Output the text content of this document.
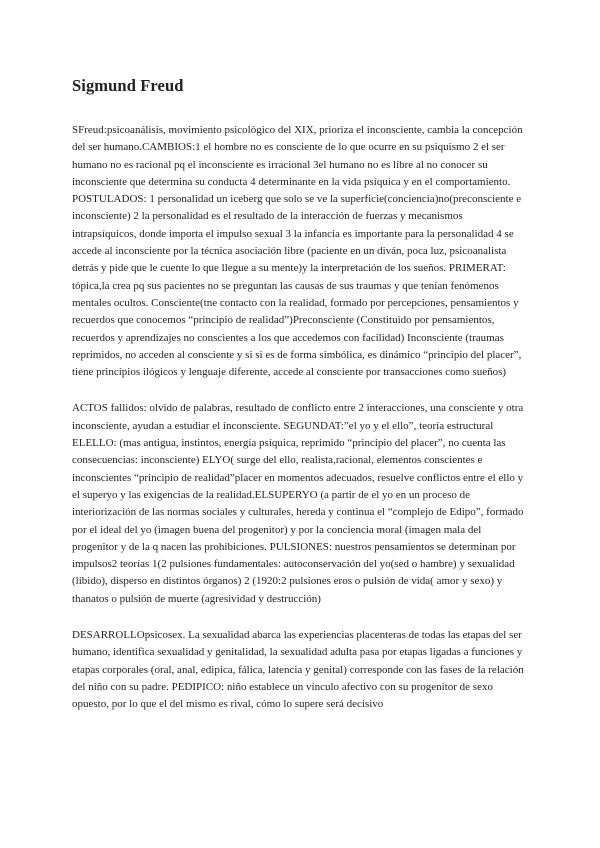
Sigmund Freud

SFreud:psicoanálisis, movimiento psicológico del XIX, prioriza el inconsciente, cambia la concepción del ser humano.CAMBIOS:1 el hombre no es consciente de lo que ocurre en su psiquismo 2 el ser humano no es racional pq el inconsciente es irracional 3el humano no es libre al no conocer su inconsciente que determina su conducta 4 determinante en la vida psíquica y en el comportamiento. POSTULADOS: 1 personalidad un iceberg que solo se ve la superficie(conciencia)no(preconsciente e inconsciente) 2 la personalidad es el resultado de la interacción de fuerzas y mecanismos intrapsíquicos, donde importa el impulso sexual 3 la infancia es importante para la personalidad 4 se accede al inconsciente por la técnica asociación libre (paciente en un diván, poca luz, psicoanalista detrás y pide que le cuente lo que llegue a su mente)y la interpretación de los sueños. PRIMERAT: tópica,la crea pq sus pacientes no se preguntan las causas de sus traumas y que tenían fenómenos mentales ocultos. Consciente(tne contacto con la realidad, formado por percepciones, pensamientos y recuerdos que conocemos “principio de realidad”)Preconsciente (Constituido por pensamientos, recuerdos y aprendizajes no conscientes a los que accedemos con facilidad) Inconsciente (traumas reprimidos, no acceden al consciente y si si es de forma simbólica, es dinámico “principio del placer”, tiene principios ilógicos y lenguaje diferente, accede al consciente por transacciones como sueños)

ACTOS fallidos: olvido de palabras, resultado de conflicto entre 2 interacciones, una consciente y otra inconsciente, ayudan a estudiar el inconsciente. SEGUNDAT:”el yo y el ello”, teoría estructural ELELLO: (mas antigua, instintos, energía psíquica, reprimido “principio del placer”, no cuenta las consecuencias: inconsciente) ELYO( surge del ello, realista,racional, elementos conscientes e inconscientes “principio de realidad”placer en momentos adecuados, resuelve conflictos entre el ello y el superyo y las exigencias de la realidad.ELSUPERYO (a partir de el yo en un proceso de interiorización de las normas sociales y culturales, hereda y continua el “complejo de Edipo”, formado por el ideal del yo (imagen buena del progenitor) y por la conciencia moral (imagen mala del progenitor y de la q nacen las prohibiciones. PULSIONES: nuestros pensamientos se determinan por impulsos2 teorías 1(2 pulsiones fundamentales: autoconservación del yo(sed o hambre) y sexualidad (libido), disperso en distintos órganos) 2 (1920:2 pulsiones eros o pulsión de vida( amor y sexo) y thanatos o pulsión de muerte (agresividad y destrucción)

DESARROLLOpsicosex. La sexualidad abarca las experiencias placenteras de todas las etapas del ser humano, identifica sexualidad y genitalidad, la sexualidad adulta pasa por etapas ligadas a funciones y etapas corporales (oral, anal, edipica, fálica, latencia y genital) corresponde con las fases de la relación del niño con su padre. PEDIPICO: niño establece un vínculo afectivo con su progenitor de sexo opuesto, por lo que el del mismo es rival, cómo lo supere será decisivo
